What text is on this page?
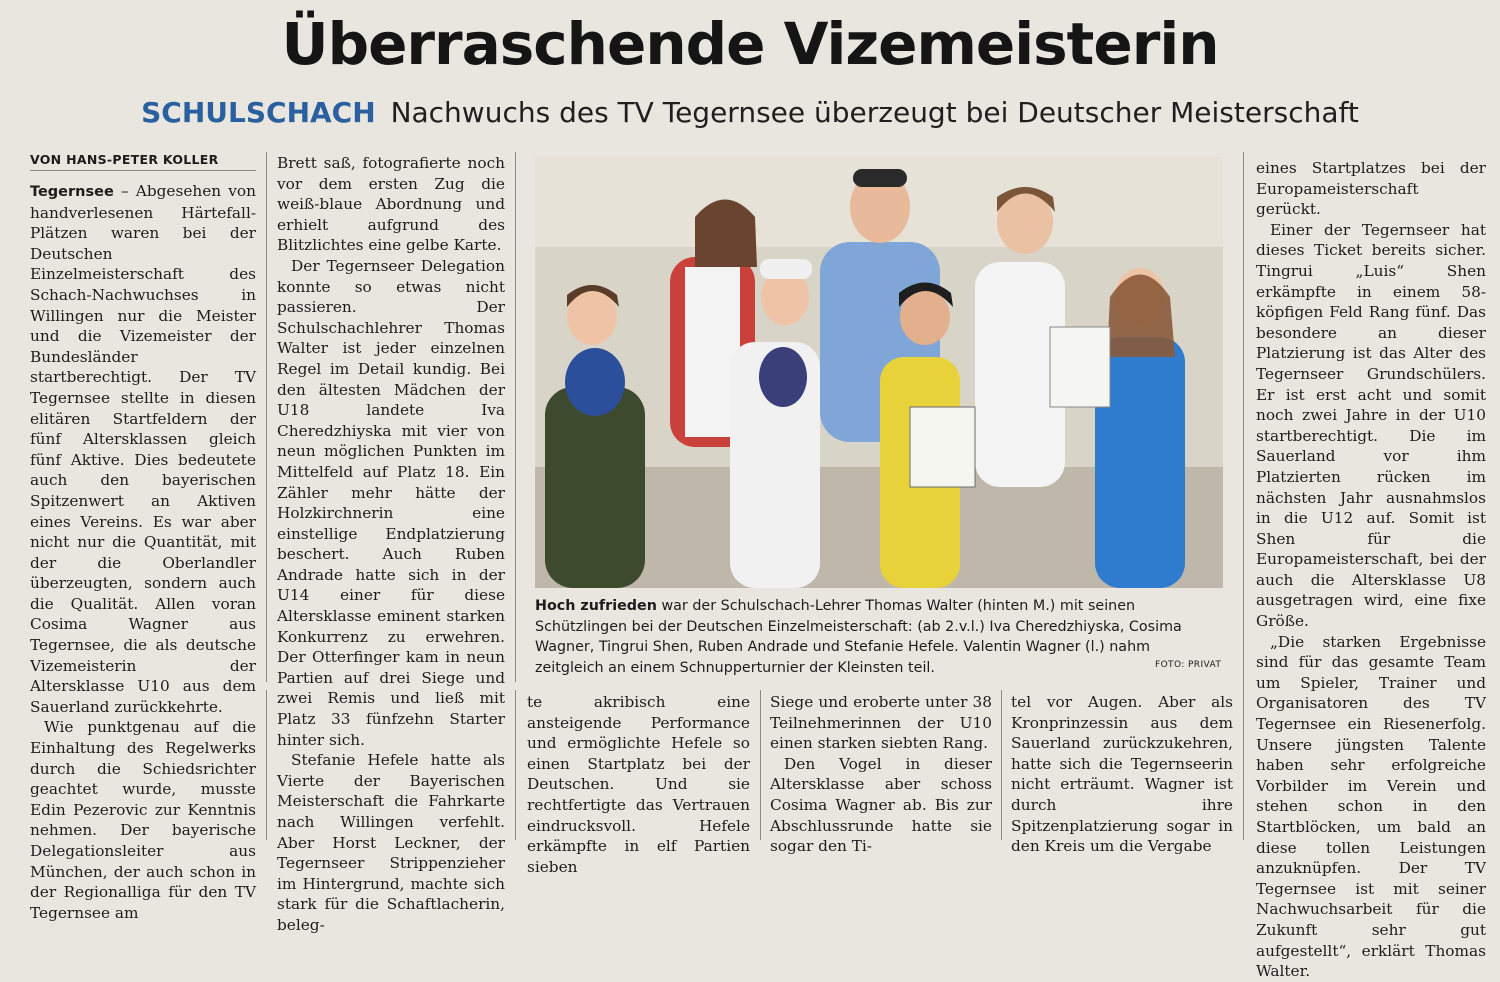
Überraschende Vizemeisterin
SCHULSCHACH Nachwuchs des TV Tegernsee überzeugt bei Deutscher Meisterschaft
VON HANS-PETER KOLLER

Tegernsee – Abgesehen von handverlesenen Härtefall-Plätzen waren bei der Deutschen Einzelmeisterschaft des Schach-Nachwuchses in Willingen nur die Meister und die Vizemeister der Bundesländer startberechtigt. Der TV Tegernsee stellte in diesen elitären Startfeldern der fünf Altersklassen gleich fünf Aktive. Dies bedeutete auch den bayerischen Spitzenwert an Aktiven eines Vereins. Es war aber nicht nur die Quantität, mit der die Oberlandler überzeugten, sondern auch die Qualität. Allen voran Cosima Wagner aus Tegernsee, die als deutsche Vizemeisterin der Altersklasse U10 aus dem Sauerland zurückkehrte.

Wie punktgenau auf die Einhaltung des Regelwerks durch die Schiedsrichter geachtet wurde, musste Edin Pezerovic zur Kenntnis nehmen. Der bayerische Delegationsleiter aus München, der auch schon in der Regionalliga für den TV Tegernsee am

Brett saß, fotografierte noch vor dem ersten Zug die weiß-blaue Abordnung und erhielt aufgrund des Blitzlichtes eine gelbe Karte.

Der Tegernseer Delegation konnte so etwas nicht passieren. Der Schulschachlehrer Thomas Walter ist jeder einzelnen Regel im Detail kundig. Bei den ältesten Mädchen der U18 landete Iva Cheredzhiyska mit vier von neun möglichen Punkten im Mittelfeld auf Platz 18. Ein Zähler mehr hätte der Holzkirchnerin eine einstellige Endplatzierung beschert. Auch Ruben Andrade hatte sich in der U14 einer für diese Altersklasse eminent starken Konkurrenz zu erwehren. Der Otterfinger kam in neun Partien auf drei Siege und zwei Remis und ließ mit Platz 33 fünfzehn Starter hinter sich.

Stefanie Hefele hatte als Vierte der Bayerischen Meisterschaft die Fahrkarte nach Willingen verfehlt. Aber Horst Leckner, der Tegernseer Strippenzieher im Hintergrund, machte sich stark für die Schaftlacherin, beleg-

Hoch zufrieden war der Schulschach-Lehrer Thomas Walter (hinten M.) mit seinen Schützlingen bei der Deutschen Einzelmeisterschaft: (ab 2.v.l.) Iva Cheredzhiyska, Cosima Wagner, Tingrui Shen, Ruben Andrade und Stefanie Hefele. Valentin Wagner (l.) nahm zeitgleich an einem Schnupperturnier der Kleinsten teil.	FOTO: PRIVAT

te akribisch eine ansteigende Performance und ermöglichte Hefele so einen Startplatz bei der Deutschen. Und sie rechtfertigte das Vertrauen eindrucksvoll. Hefele erkämpfte in elf Partien sieben

Siege und eroberte unter 38 Teilnehmerinnen der U10 einen starken siebten Rang.

Den Vogel in dieser Altersklasse aber schoss Cosima Wagner ab. Bis zur Abschlussrunde hatte sie sogar den Ti-

tel vor Augen. Aber als Kronprinzessin aus dem Sauerland zurückzukehren, hatte sich die Tegernseerin nicht erträumt. Wagner ist durch ihre Spitzenplatzierung sogar in den Kreis um die Vergabe

eines Startplatzes bei der Europameisterschaft gerückt.

Einer der Tegernseer hat dieses Ticket bereits sicher. Tingrui „Luis“ Shen erkämpfte in einem 58-köpfigen Feld Rang fünf. Das besondere an dieser Platzierung ist das Alter des Tegernseer Grundschülers. Er ist erst acht und somit noch zwei Jahre in der U10 startberechtigt. Die im Sauerland vor ihm Platzierten rücken im nächsten Jahr ausnahmslos in die U12 auf. Somit ist Shen für die Europameisterschaft, bei der auch die Altersklasse U8 ausgetragen wird, eine fixe Größe.

„Die starken Ergebnisse sind für das gesamte Team um Spieler, Trainer und Organisatoren des TV Tegernsee ein Riesenerfolg. Unsere jüngsten Talente haben sehr erfolgreiche Vorbilder im Verein und stehen schon in den Startblöcken, um bald an diese tollen Leistungen anzuknüpfen. Der TV Tegernsee ist mit seiner Nachwuchsarbeit für die Zukunft sehr gut aufgestellt“, erklärt Thomas Walter.
